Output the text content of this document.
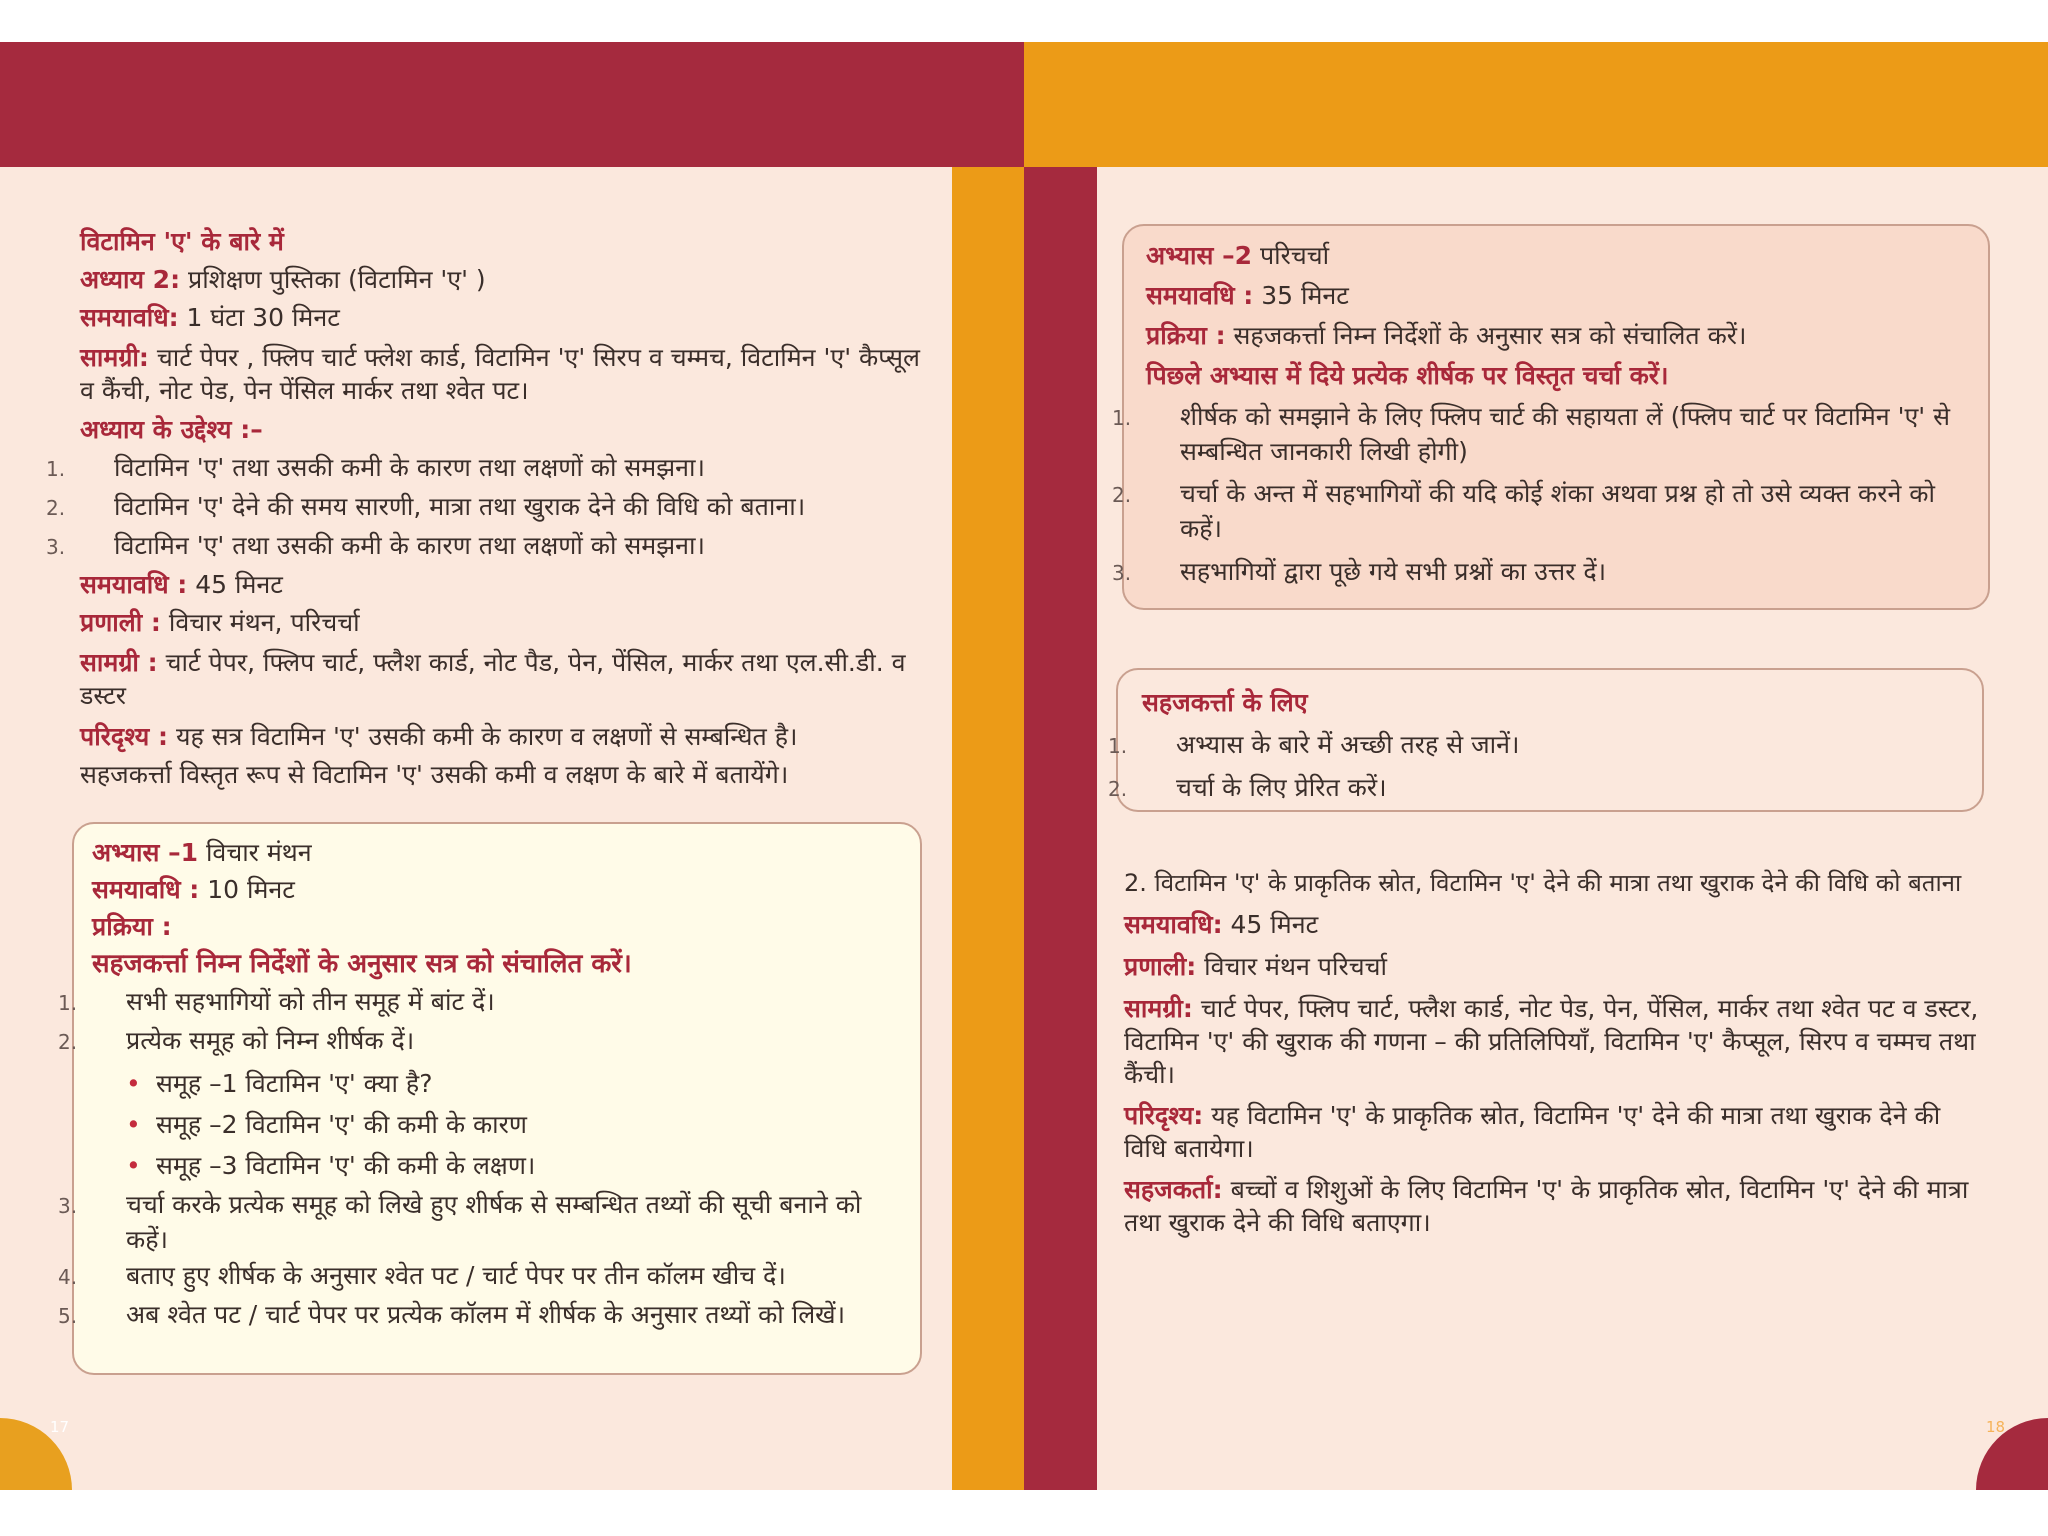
17	18

विटामिन 'ए' के बारे में

अध्याय 2: प्रशिक्षण पुस्तिका (विटामिन 'ए' )

समयावधि: 1 घंटा 30 मिनट

सामग्री: चार्ट पेपर , फ्लिप चार्ट फ्लेश कार्ड, विटामिन 'ए' सिरप व चम्मच, विटामिन 'ए' कैप्सूल व कैंची, नोट पेड, पेन पेंसिल मार्कर तथा श्वेत पट।

अध्याय के उद्देश्य :–

1. विटामिन 'ए' तथा उसकी कमी के कारण तथा लक्षणों को समझना।

2. विटामिन 'ए' देने की समय सारणी, मात्रा तथा खुराक देने की विधि को बताना।

3. विटामिन 'ए' तथा उसकी कमी के कारण तथा लक्षणों को समझना।

समयावधि : 45 मिनट

प्रणाली : विचार मंथन, परिचर्चा

सामग्री : चार्ट पेपर, फ्लिप चार्ट, फ्लैश कार्ड, नोट पैड, पेन, पेंसिल, मार्कर तथा एल.सी.डी. व डस्टर

परिदृश्य : यह सत्र विटामिन 'ए' उसकी कमी के कारण व लक्षणों से सम्बन्धित है।

सहजकर्त्ता विस्तृत रूप से विटामिन 'ए' उसकी कमी व लक्षण के बारे में बतायेंगे।

अभ्यास –1 विचार मंथन

समयावधि : 10 मिनट

प्रक्रिया :

सहजकर्त्ता निम्न निर्देशों के अनुसार सत्र को संचालित करें।

1. सभी सहभागियों को तीन समूह में बांट दें।

2. प्रत्येक समूह को निम्न शीर्षक दें।

• समूह –1 विटामिन 'ए' क्या है?

• समूह –2 विटामिन 'ए' की कमी के कारण

• समूह –3 विटामिन 'ए' की कमी के लक्षण।

3. चर्चा करके प्रत्येक समूह को लिखे हुए शीर्षक से सम्बन्धित तथ्यों की सूची बनाने को कहें।

4. बताए हुए शीर्षक के अनुसार श्वेत पट / चार्ट पेपर पर तीन कॉलम खीच दें।

5. अब श्वेत पट / चार्ट पेपर पर प्रत्येक कॉलम में शीर्षक के अनुसार तथ्यों को लिखें।

अभ्यास –2 परिचर्चा

समयावधि : 35 मिनट

प्रक्रिया : सहजकर्त्ता निम्न निर्देशों के अनुसार सत्र को संचालित करें।

पिछले अभ्यास में दिये प्रत्येक शीर्षक पर विस्तृत चर्चा करें।

1. शीर्षक को समझाने के लिए फ्लिप चार्ट की सहायता लें (फ्लिप चार्ट पर विटामिन 'ए' से सम्बन्धित जानकारी लिखी होगी)

2. चर्चा के अन्त में सहभागियों की यदि कोई शंका अथवा प्रश्न हो तो उसे व्यक्त करने को कहें।

3. सहभागियों द्वारा पूछे गये सभी प्रश्नों का उत्तर दें।

सहजकर्त्ता के लिए

1. अभ्यास के बारे में अच्छी तरह से जानें।

2. चर्चा के लिए प्रेरित करें।

2. विटामिन 'ए' के प्राकृतिक स्रोत, विटामिन 'ए' देने की मात्रा तथा खुराक देने की विधि को बताना

समयावधि: 45 मिनट

प्रणाली: विचार मंथन परिचर्चा

सामग्री: चार्ट पेपर, फ्लिप चार्ट, फ्लैश कार्ड, नोट पेड, पेन, पेंसिल, मार्कर तथा श्वेत पट व डस्टर, विटामिन 'ए' की खुराक की गणना – की प्रतिलिपियाँ, विटामिन 'ए' कैप्सूल, सिरप व चम्मच तथा कैंची।

परिदृश्य: यह विटामिन 'ए' के प्राकृतिक स्रोत, विटामिन 'ए' देने की मात्रा तथा खुराक देने की विधि बतायेगा।

सहजकर्ता: बच्चों व शिशुओं के लिए विटामिन 'ए' के प्राकृतिक स्रोत, विटामिन 'ए' देने की मात्रा तथा खुराक देने की विधि बताएगा।
